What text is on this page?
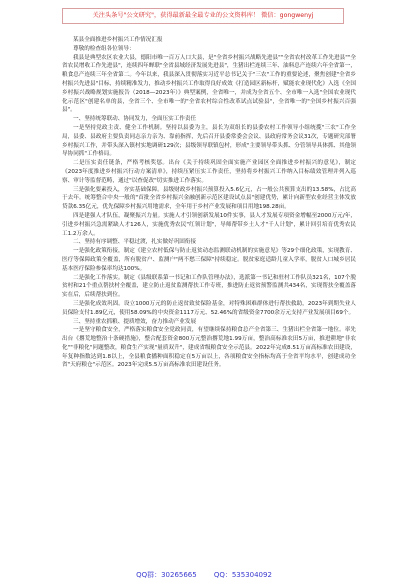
关注头条号"公文研究"，获得最新最全最专业的公文资料库！ 微信：gongwenyj

某县全面推进乡村振兴工作情况汇报

尊敬的检查组各位领导：

我县是典型农区农业大县，德阳市唯一百万人口大县，是"全省乡村振兴战略先进县""全省农村改革工作先进县""全省农民增收工作先进县"，连续四年蝉联"全省县域经济发展先进县"，生猪出栏连续三年、油料总产连续六年全省第一，粮食总产连续三年全省第二。今年以来，我县深入贯彻落实习近平总书记关于"三农"工作的重要论述，聚焦创建"全省乡村振兴先进县"目标，持续精准发力，推动乡村振兴工作取得良好成效《打造园区新标杆，赋能农业现代化》入选《全国乡村振兴战略规划实施报告（2018—2023年）》典型案例，全省唯一，并成为全省五个、全市唯一入选"全国农业现代化示范区"创建名单的县，全省三个、全市唯一的"全省农村综合性改革试点试验县"，全省唯一的"全国乡村振兴百强县"。

一、坚持统筹联动、协同发力，全面压实工作责任

一是坚持党政主责、健全工作机制。坚持以县委为主，县长为双组长的县委农村工作领导小组统揽"三农"工作全局，县委、县政府主要负责同志亲力亲为、靠前指挥，先后召开县委常委会会议、县政府常务会议31次，专题研究部署乡村振兴工作，并带头深入镇村实地调研129次；县级领导联镇包村，形成"主要领导带头抓、分管领导具体抓、其他领导协同抓"工作格局。

二是压实责任链条，严格考核奖惩。出台《关于持续巩固全面实施产业园区全面推进乡村振兴的意见》，制定《2023年度推进乡村振兴行动方案清单》，持续压紧压实工作责任，坚持将乡村振兴工作纳入目标绩效管理并列入巡察、审计等监督范畴，通过"以查促改"切实推进工作落实。

三是强化要素投入，夯实基础保障。县级财政乡村振兴预算投入5.6亿元，占一般公共预算支出的13.58%，占比高于去年。统筹整合中央一般的"首批全省乡村振兴金融创新示范区建设试点县"创建优势，累计向新型农业经营主体发放贷款6.35亿元，优先保障乡村振兴用地需求，全年用于乡村产业发展和项目用地198.28亩。

四是建强人才队伍，凝聚振兴力量。实施人才引领创新发展10件实事，县人才发展专项资金增幅至2000万元/年，引进乡村振兴急需紧缺人才126人，实施优秀农民"红领计划"，导师帮带乡土人才"千人计划"，累计回引培育优秀农民工1.2万余人。

二、坚持有序调整、平稳过渡，扎实做好巩固衔接

一是强化政策衔接，制定《建立农村低保与防止返贫动态监测联动机制的实施意见》等29个细化政策，实现教育、医疗等保障政策全覆盖，所有脱贫户、监测户"两不愁三保障"持续稳定。脱贫家庭适龄儿童入学率，脱贫人口城乡居民基本医疗保险参保率均达100%。

二是强化工作落实。制定《县级联系第一书记和工作队管理办法》，选派第一书记和驻村工作队员321名，107个脱贫村和21个重点帮扶村全覆盖，建立防止返贫监测帮扶工作专班，推进防止返贫预警监测共434名，实现帮扶全覆盖落实在后，后续帮扶到位。

三是强化成效巩固。设立1000万元的防止返贫致贫保险基金，对特殊困难群体进行帮扶救助，2023年到期失业人员保险支付1.89亿元，使用58.09%的中央资金1117万元、52.46%的省级资金7700余万元支持产业发展项目69个。

三、坚持重农抓粮、提质增效，奋力推动产业发展

一是坚守粮食安全，严格落实粮食安全党政同责，有望继续保持粮食总产全省第三、生猪出栏全省第一地位。率先出台《撂荒地整治十条硬措施》，整合配套资金800万元整治撂荒地1.99万亩，整治高标准农田5万亩，推进耕地"非农化""非粮化"问题整改，粮食生产实现"量质双升"，建成省级粮食安全示范县。2022年完成8.51万亩高标准农田建设，年复种指数达到1.8以上，全县粮食播种面积稳定在5万亩以上，各项粮食安全指标均高于全省平均水平，创建成功全省"天府粮仓"示范区。2023年完成5.5万亩高标准农田建设任务。

QQ群：30265665 QQ：535304092
